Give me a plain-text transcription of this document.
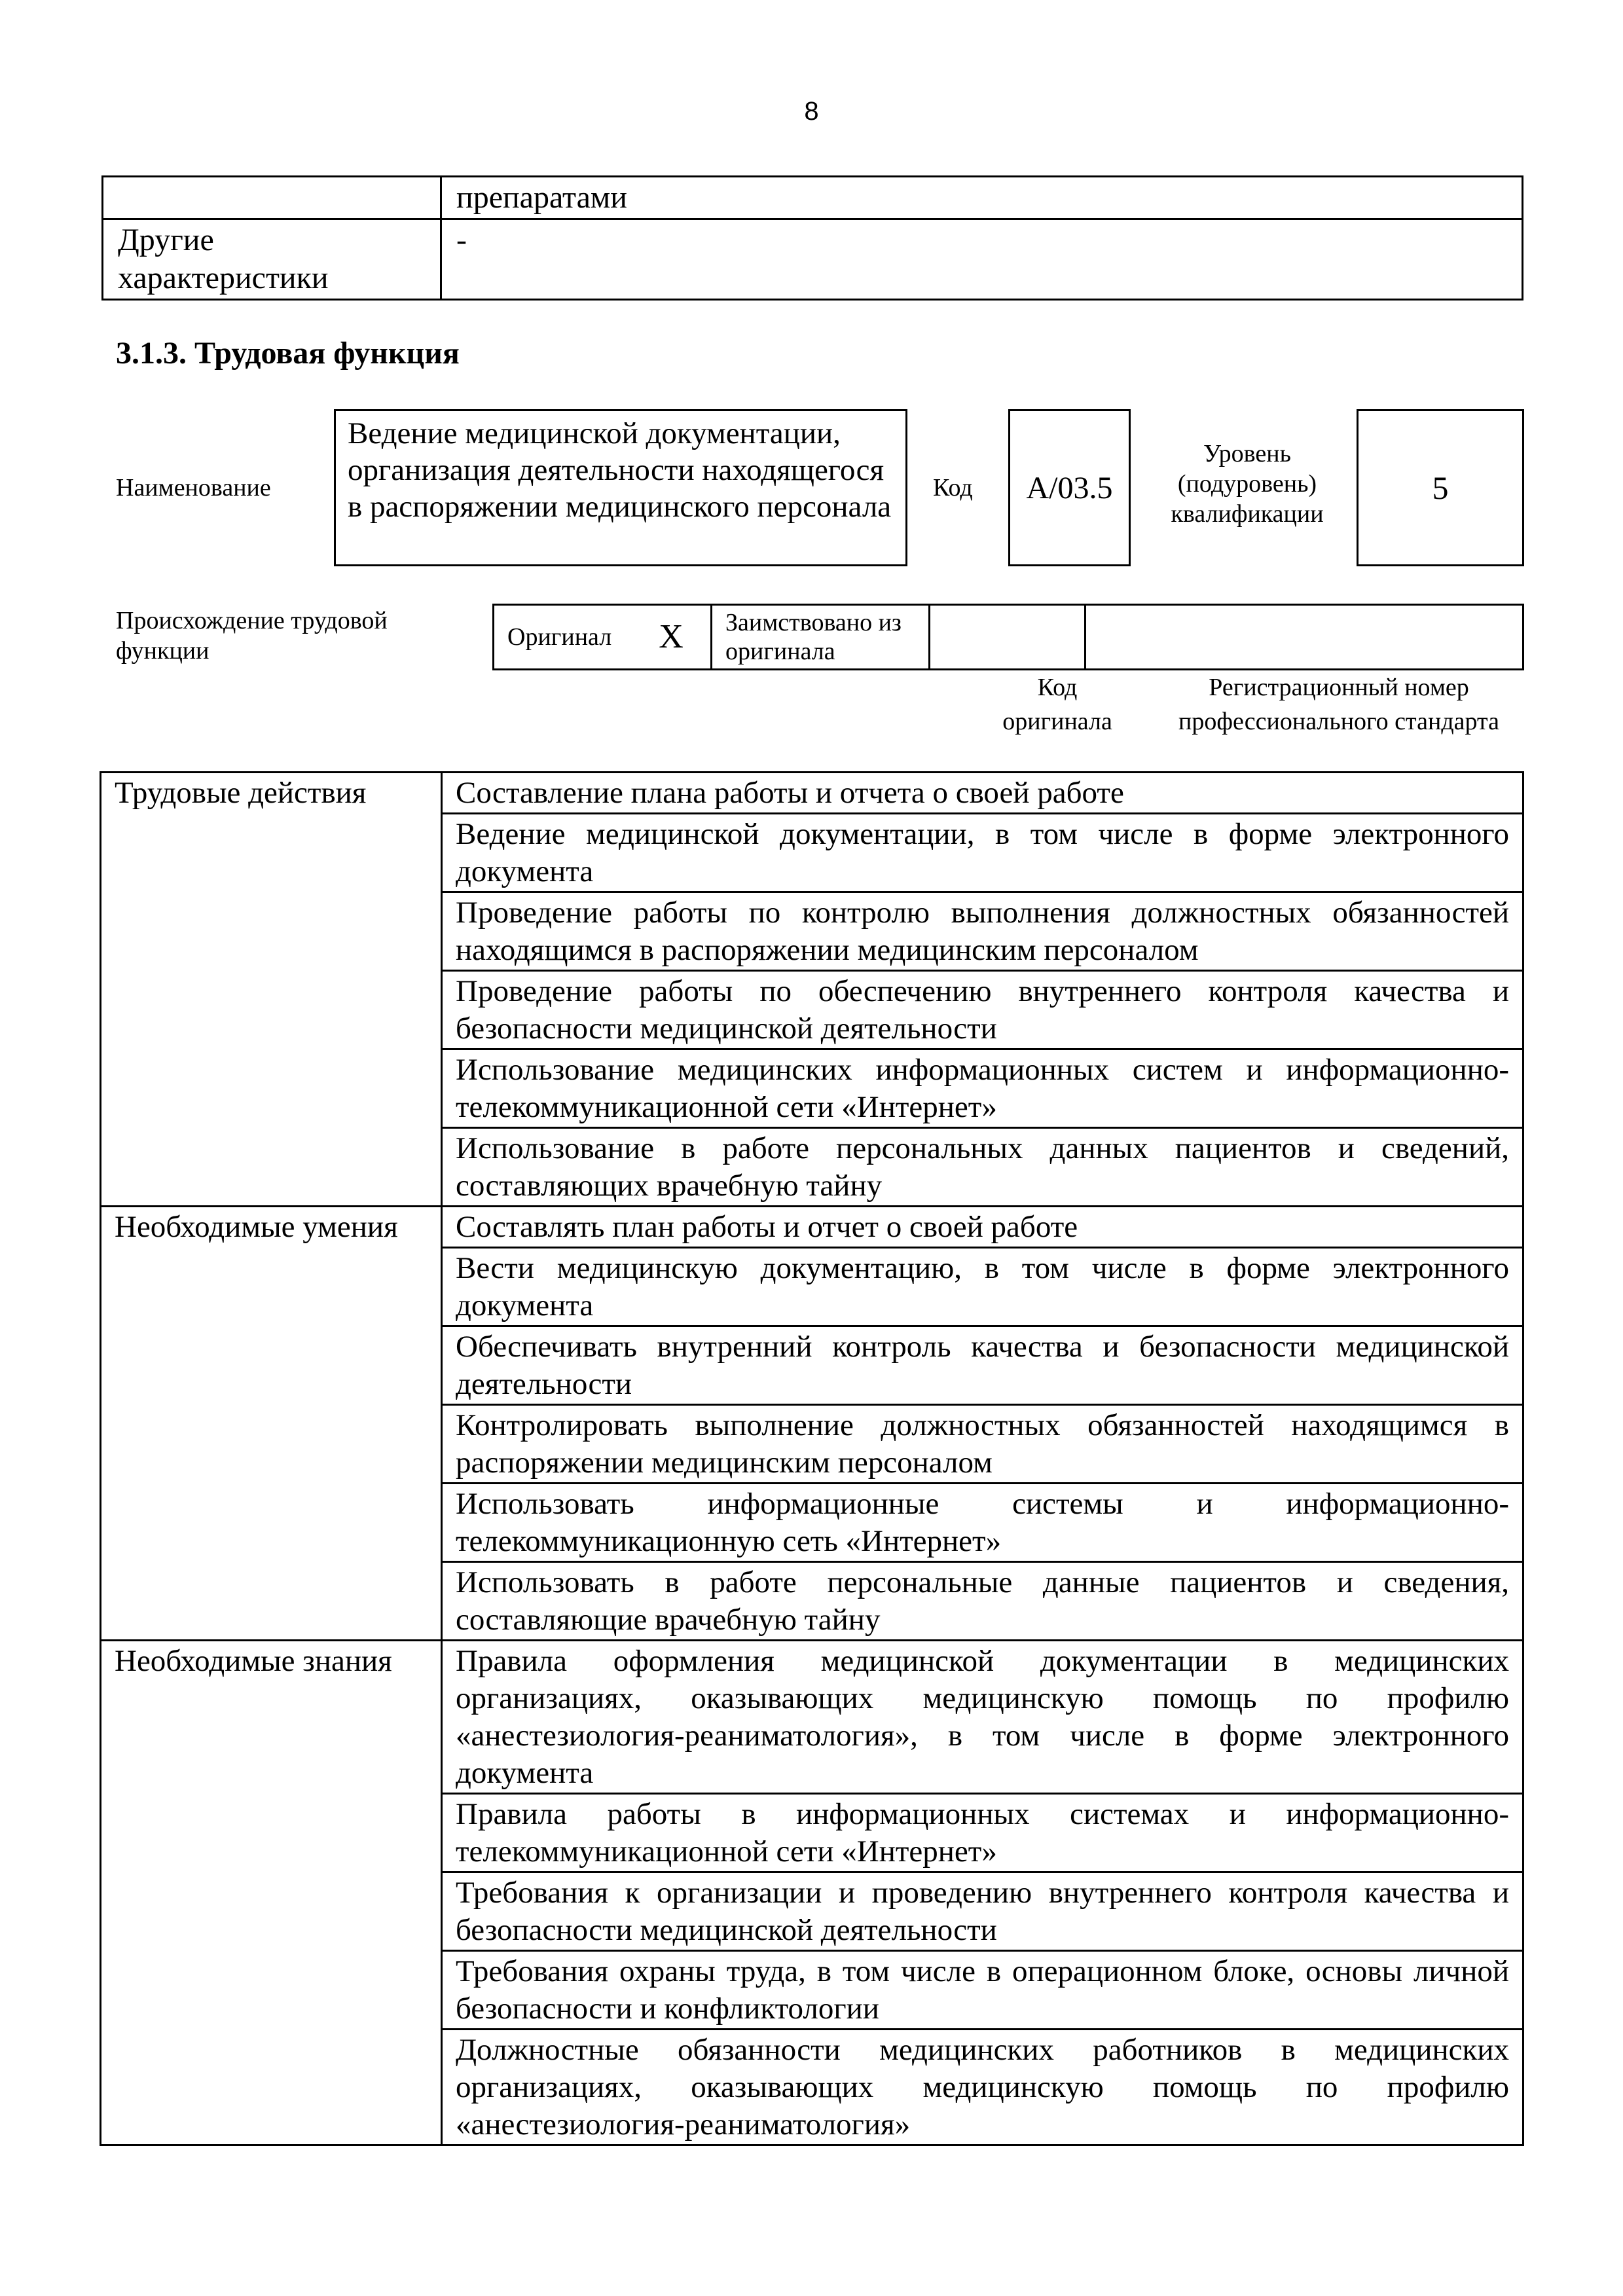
8
	препаратами
Другие характеристики	-
3.1.3. Трудовая функция
Наименование
Ведение медицинской документации, организация деятельности находящегося в распоряжении медицинского персонала
Код	А/03.5
Уровень (подуровень) квалификации
5
Происхождение трудовой функции	Оригинал	X	Заимствовано из оригинала		
Код оригинала
Регистрационный номер профессионального стандарта
Трудовые действия	Составление плана работы и отчета о своей работе
	Ведение медицинской документации, в том числе в форме электронного документа
	Проведение работы по контролю выполнения должностных обязанностей находящимся в распоряжении медицинским персоналом
	Проведение работы по обеспечению внутреннего контроля качества и безопасности медицинской деятельности
	Использование медицинских информационных систем и информационно-телекоммуникационной сети «Интернет»
	Использование в работе персональных данных пациентов и сведений, составляющих врачебную тайну
Необходимые умения	Составлять план работы и отчет о своей работе
	Вести медицинскую документацию, в том числе в форме электронного документа
	Обеспечивать внутренний контроль качества и безопасности медицинской деятельности
	Контролировать выполнение должностных обязанностей находящимся в распоряжении медицинским персоналом
	Использовать информационные системы и информационно-телекоммуникационную сеть «Интернет»
	Использовать в работе персональные данные пациентов и сведения, составляющие врачебную тайну
Необходимые знания	Правила оформления медицинской документации в медицинских организациях, оказывающих медицинскую помощь по профилю «анестезиология-реаниматология», в том числе в форме электронного документа
	Правила работы в информационных системах и информационно-телекоммуникационной сети «Интернет»
	Требования к организации и проведению внутреннего контроля качества и безопасности медицинской деятельности
	Требования охраны труда, в том числе в операционном блоке, основы личной безопасности и конфликтологии
	Должностные обязанности медицинских работников в медицинских организациях, оказывающих медицинскую помощь по профилю «анестезиология-реаниматология»
